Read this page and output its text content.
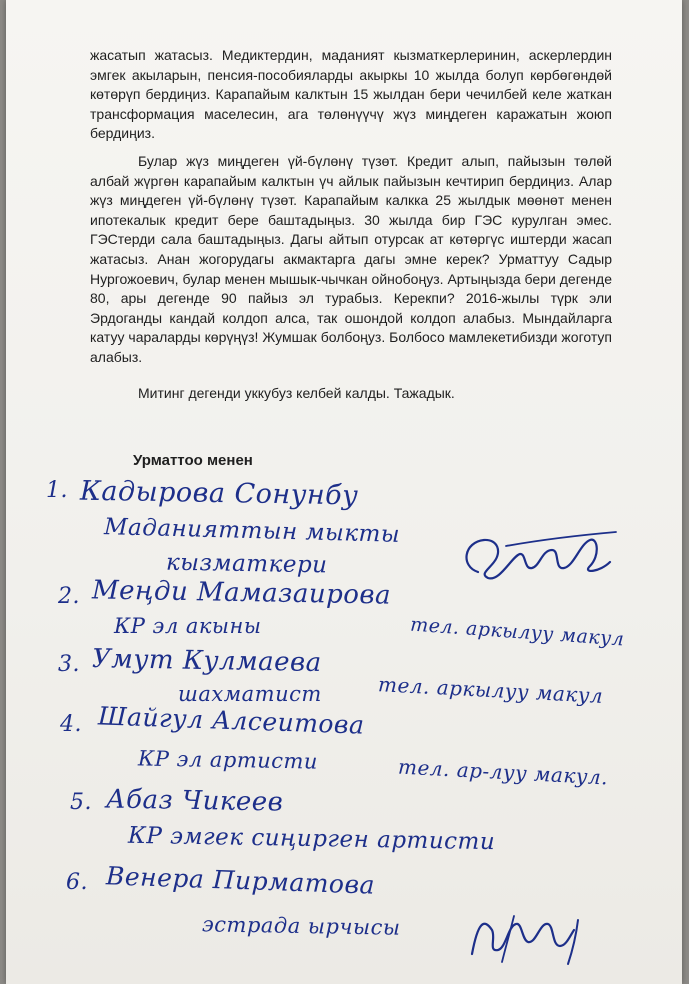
жасатып жатасыз. Медиктердин, маданият кызматкерлеринин, аскерлердин эмгек акыларын, пенсия-пособияларды акыркы 10 жылда болуп көрбөгөндөй көтөрүп бердиңиз. Карапайым калктын 15 жылдан бери чечилбей келе жаткан трансформация маселесин, ага төлөнүүчү жүз миңдеген каражатын жоюп бердиңиз.
Булар жүз миңдеген үй-бүлөнү түзөт. Кредит алып, пайызын төлөй албай жүргөн карапайым калктын үч айлык пайызын кечтирип бердиңиз. Алар жүз миңдеген үй-бүлөнү түзөт. Карапайым калкка 25 жылдык мөөнөт менен ипотекалык кредит бере баштадыңыз. 30 жылда бир ГЭС курулган эмес. ГЭСтерди сала баштадыңыз. Дагы айтып отурсак ат көтөргүс иштерди жасап жатасыз. Анан жогорудагы акмактарга дагы эмне керек? Урматтуу Садыр Нургожоевич, булар менен мышык-чычкан ойнобоңуз. Артыңызда бери дегенде 80, ары дегенде 90 пайыз эл турабыз. Керекпи? 2016-жылы түрк эли Эрдоганды кандай колдоп алса, так ошондой колдоп алабыз. Мындайларга катуу чараларды көрүңүз! Жумшак болбоңуз. Болбосо мамлекетибизди жоготуп алабыз.
Митинг дегенди уккубуз келбей калды. Тажадык.
Урматтоо менен
1. Кадырова Сонунбу
Маданияттын мыкты
кызматкери
2. Меңди Мамазаирова
КР эл акыны	тел. аркылуу макул
3. Умут Кулмаева
шахматист	тел. аркылуу макул
4. Шайгул Алсеитова
КР эл артисти	тел. ар-луу макул.
5. Абаз Чикеев
КР эмгек сиңирген артисти
6. Венера Пирматова
эстрада ырчысы
